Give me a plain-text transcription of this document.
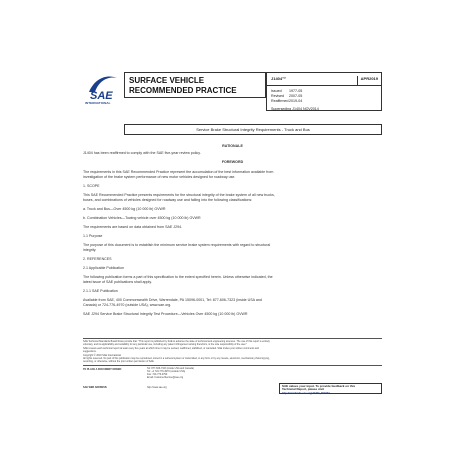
SAE
INTERNATIONAL
SURFACE VEHICLE
RECOMMENDED PRACTICE
J1404™	APR2019
Issued 1977-05
Revised 2007-05
Reaffirmed2019-04
Superseding J1404 NOV2014
Service Brake Structural Integrity Requirements - Truck and Bus
RATIONALE
J1404 has been reaffirmed to comply with the SAE five-year review policy.
FOREWORD
The requirements in this SAE Recommended Practice represent the accumulation of the best information available from
investigation of the brake system performance of new motor vehicles designed for roadway use.
1. SCOPE
This SAE Recommended Practice presents requirements for the structural integrity of the brake system of all new trucks,
buses, and combinations of vehicles designed for roadway use and falling into the following classifications:
a. Truck and Bus—Over 4500 kg (10 000 lb) GVWR
b. Combination Vehicles—Towing vehicle over 4500 kg (10 000 lb) GVWR
The requirements are based on data obtained from SAE J294.
1.1 Purpose
The purpose of this document is to establish the minimum service brake system requirements with regard to structural
integrity.
2. REFERENCES
2.1 Applicable Publication
The following publication forms a part of this specification to the extent specified herein. Unless otherwise indicated, the
latest issue of SAE publications shall apply.
2.1.1 SAE Publication
Available from SAE, 400 Commonwealth Drive, Warrendale, PA 15096-0001, Tel: 877-606-7323 (inside USA and
Canada) or 724-776-4970 (outside USA), www.sae.org.
SAE J294 Service Brake Structural Integrity Test Procedure—Vehicles Over 4500 kg (10 000 lb) GVWR
SAE Technical Standards Board Rules provide that: "This report is published by SAE to advance the state of technical and engineering sciences. The use of this report is entirely
voluntary, and its applicability and suitability for any particular use, including any patent infringement arising therefrom, is the sole responsibility of the user."
SAE reviews each technical report at least every five years at which time it may be revised, reaffirmed, stabilized, or cancelled. SAE invites your written comments and
suggestions.
Copyright © 2019 SAE International
All rights reserved. No part of this publication may be reproduced, stored in a retrieval system or transmitted, in any form or by any means, electronic, mechanical, photocopying,
recording, or otherwise, without the prior written permission of SAE.
TO PLACE A DOCUMENT ORDER:	Tel: 877-606-7323 (inside USA and Canada)
Tel: +1 724-776-4970 (outside USA)
Fax: 724-776-0790
Email: CustomerService@sae.org
SAE WEB ADDRESS:	http://www.sae.org	SAE values your input. To provide feedback on this
Technical Report, please visit
http://standards.sae.org/J1404_201904
